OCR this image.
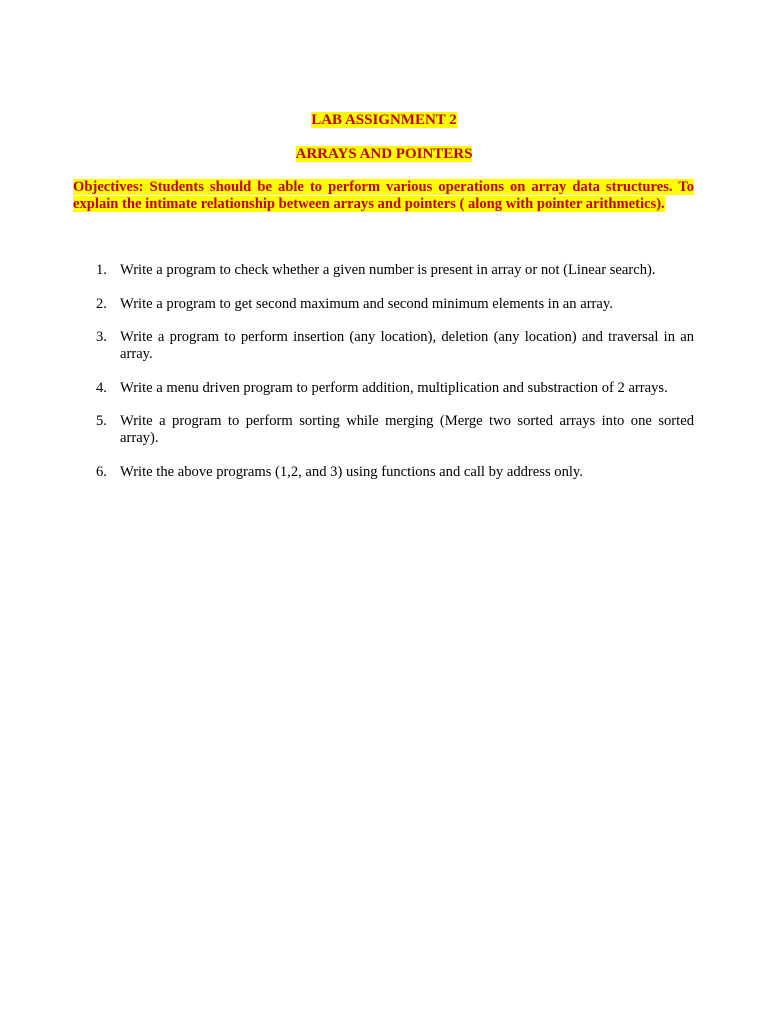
LAB ASSIGNMENT 2
ARRAYS AND POINTERS
Objectives: Students should be able to perform various operations on array data structures. To explain the intimate relationship between arrays and pointers ( along with pointer arithmetics).
1. Write a program to check whether a given number is present in array or not (Linear search).
2. Write a program to get second maximum and second minimum elements in an array.
3. Write a program to perform insertion (any location), deletion (any location) and traversal in an array.
4. Write a menu driven program to perform addition, multiplication and substraction of 2 arrays.
5. Write a program to perform sorting while merging (Merge two sorted arrays into one sorted array).
6. Write the above programs (1,2, and 3) using functions and call by address only.
